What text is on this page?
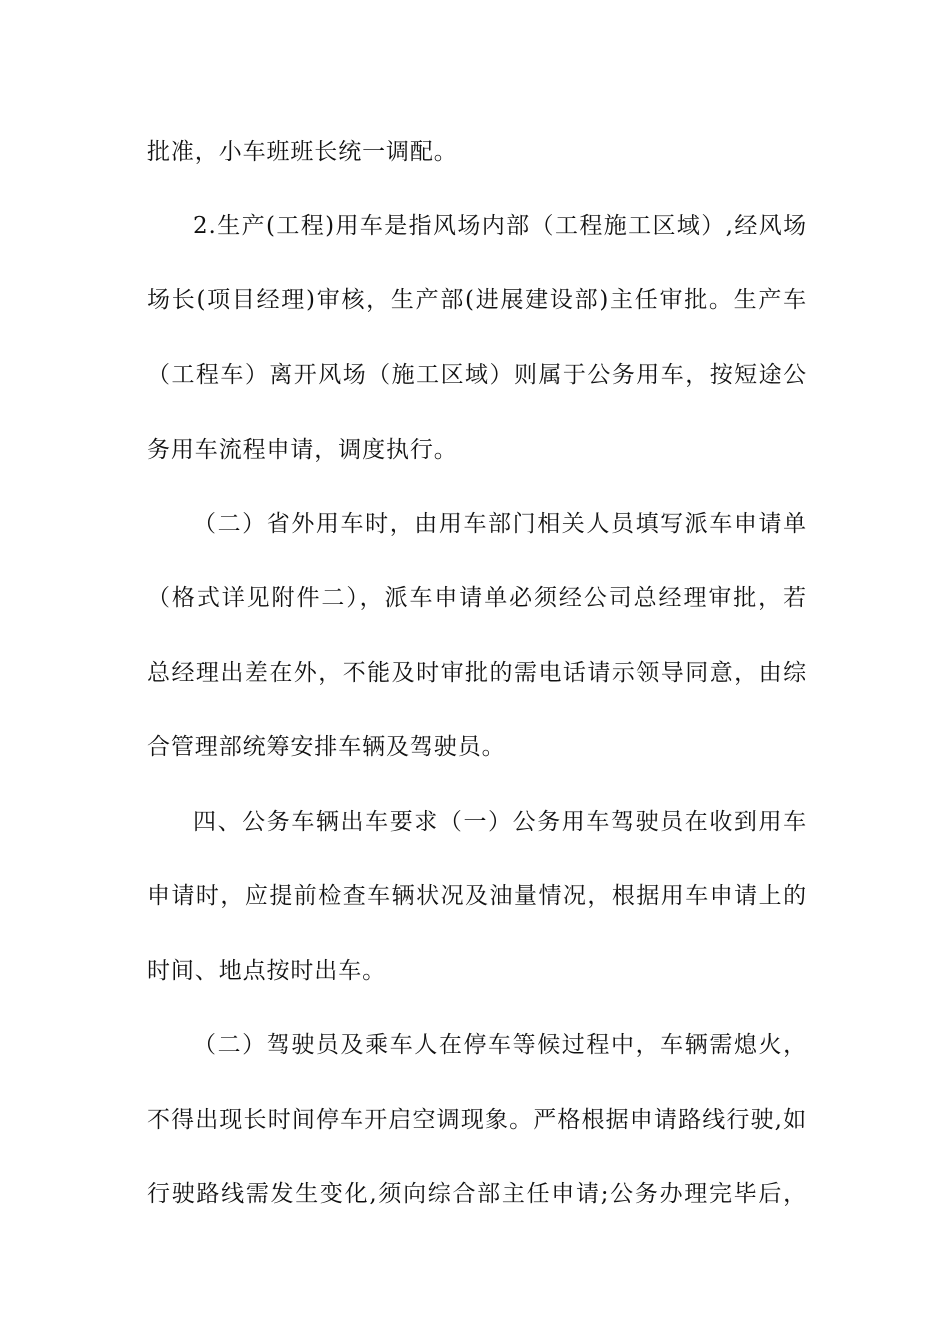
批准，小车班班长统一调配。
2.生产(工程)用车是指风场内部（工程施工区域）,经风场
场长(项目经理)审核，生产部(进展建设部)主任审批。生产车
（工程车）离开风场（施工区域）则属于公务用车，按短途公
务用车流程申请，调度执行。
（二）省外用车时，由用车部门相关人员填写派车申请单
（格式详见附件二），派车申请单必须经公司总经理审批，若
总经理出差在外，不能及时审批的需电话请示领导同意，由综
合管理部统筹安排车辆及驾驶员。
四、公务车辆出车要求（一）公务用车驾驶员在收到用车
申请时，应提前检查车辆状况及油量情况，根据用车申请上的
时间、地点按时出车。
（二）驾驶员及乘车人在停车等候过程中，车辆需熄火，
不得出现长时间停车开启空调现象。严格根据申请路线行驶,如
行驶路线需发生变化,须向综合部主任申请;公务办理完毕后，
